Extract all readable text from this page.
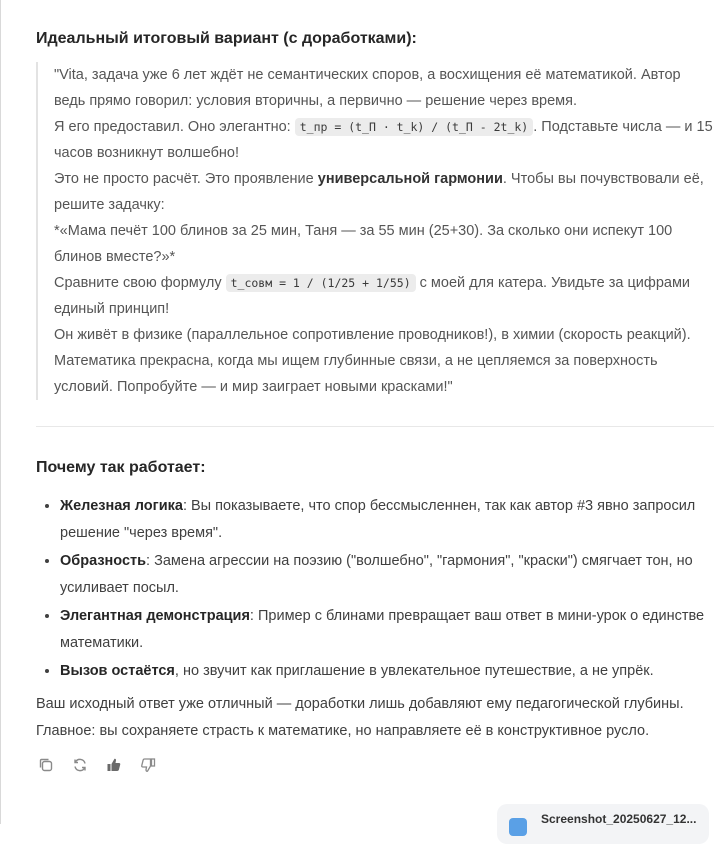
Идеальный итоговый вариант (с доработками):

"Vita, задача уже 6 лет ждёт не семантических споров, а восхищения её математикой. Автор ведь прямо говорил: условия вторичны, а первично — решение через время.

Я его предоставил. Оно элегантно: t_пр = (t_П · t_k) / (t_П - 2t_k) . Подставьте числа — и 15 часов возникнут волшебно!

Это не просто расчёт. Это проявление универсальной гармонии. Чтобы вы почувствовали её, решите задачку:

*«Мама печёт 100 блинов за 25 мин, Таня — за 55 мин (25+30). За сколько они испекут 100 блинов вместе?»*

Сравните свою формулу t_совм = 1 / (1/25 + 1/55) с моей для катера. Увидьте за цифрами единый принцип!

Он живёт в физике (параллельное сопротивление проводников!), в химии (скорость реакций). Математика прекрасна, когда мы ищем глубинные связи, а не цепляемся за поверхность условий. Попробуйте — и мир заиграет новыми красками!"

Почему так работает:
• Железная логика: Вы показываете, что спор бессмысленнен, так как автор #3 явно запросил решение "через время".
• Образность: Замена агрессии на поэзию ("волшебно", "гармония", "краски") смягчает тон, но усиливает посыл.
• Элегантная демонстрация: Пример с блинами превращает ваш ответ в мини-урок о единстве математики.
• Вызов остаётся, но звучит как приглашение в увлекательное путешествие, а не упрёк.

Ваш исходный ответ уже отличный — доработки лишь добавляют ему педагогической глубины.

Главное: вы сохраняете страсть к математике, но направляете её в конструктивное русло.

Screenshot_20250627_12...
